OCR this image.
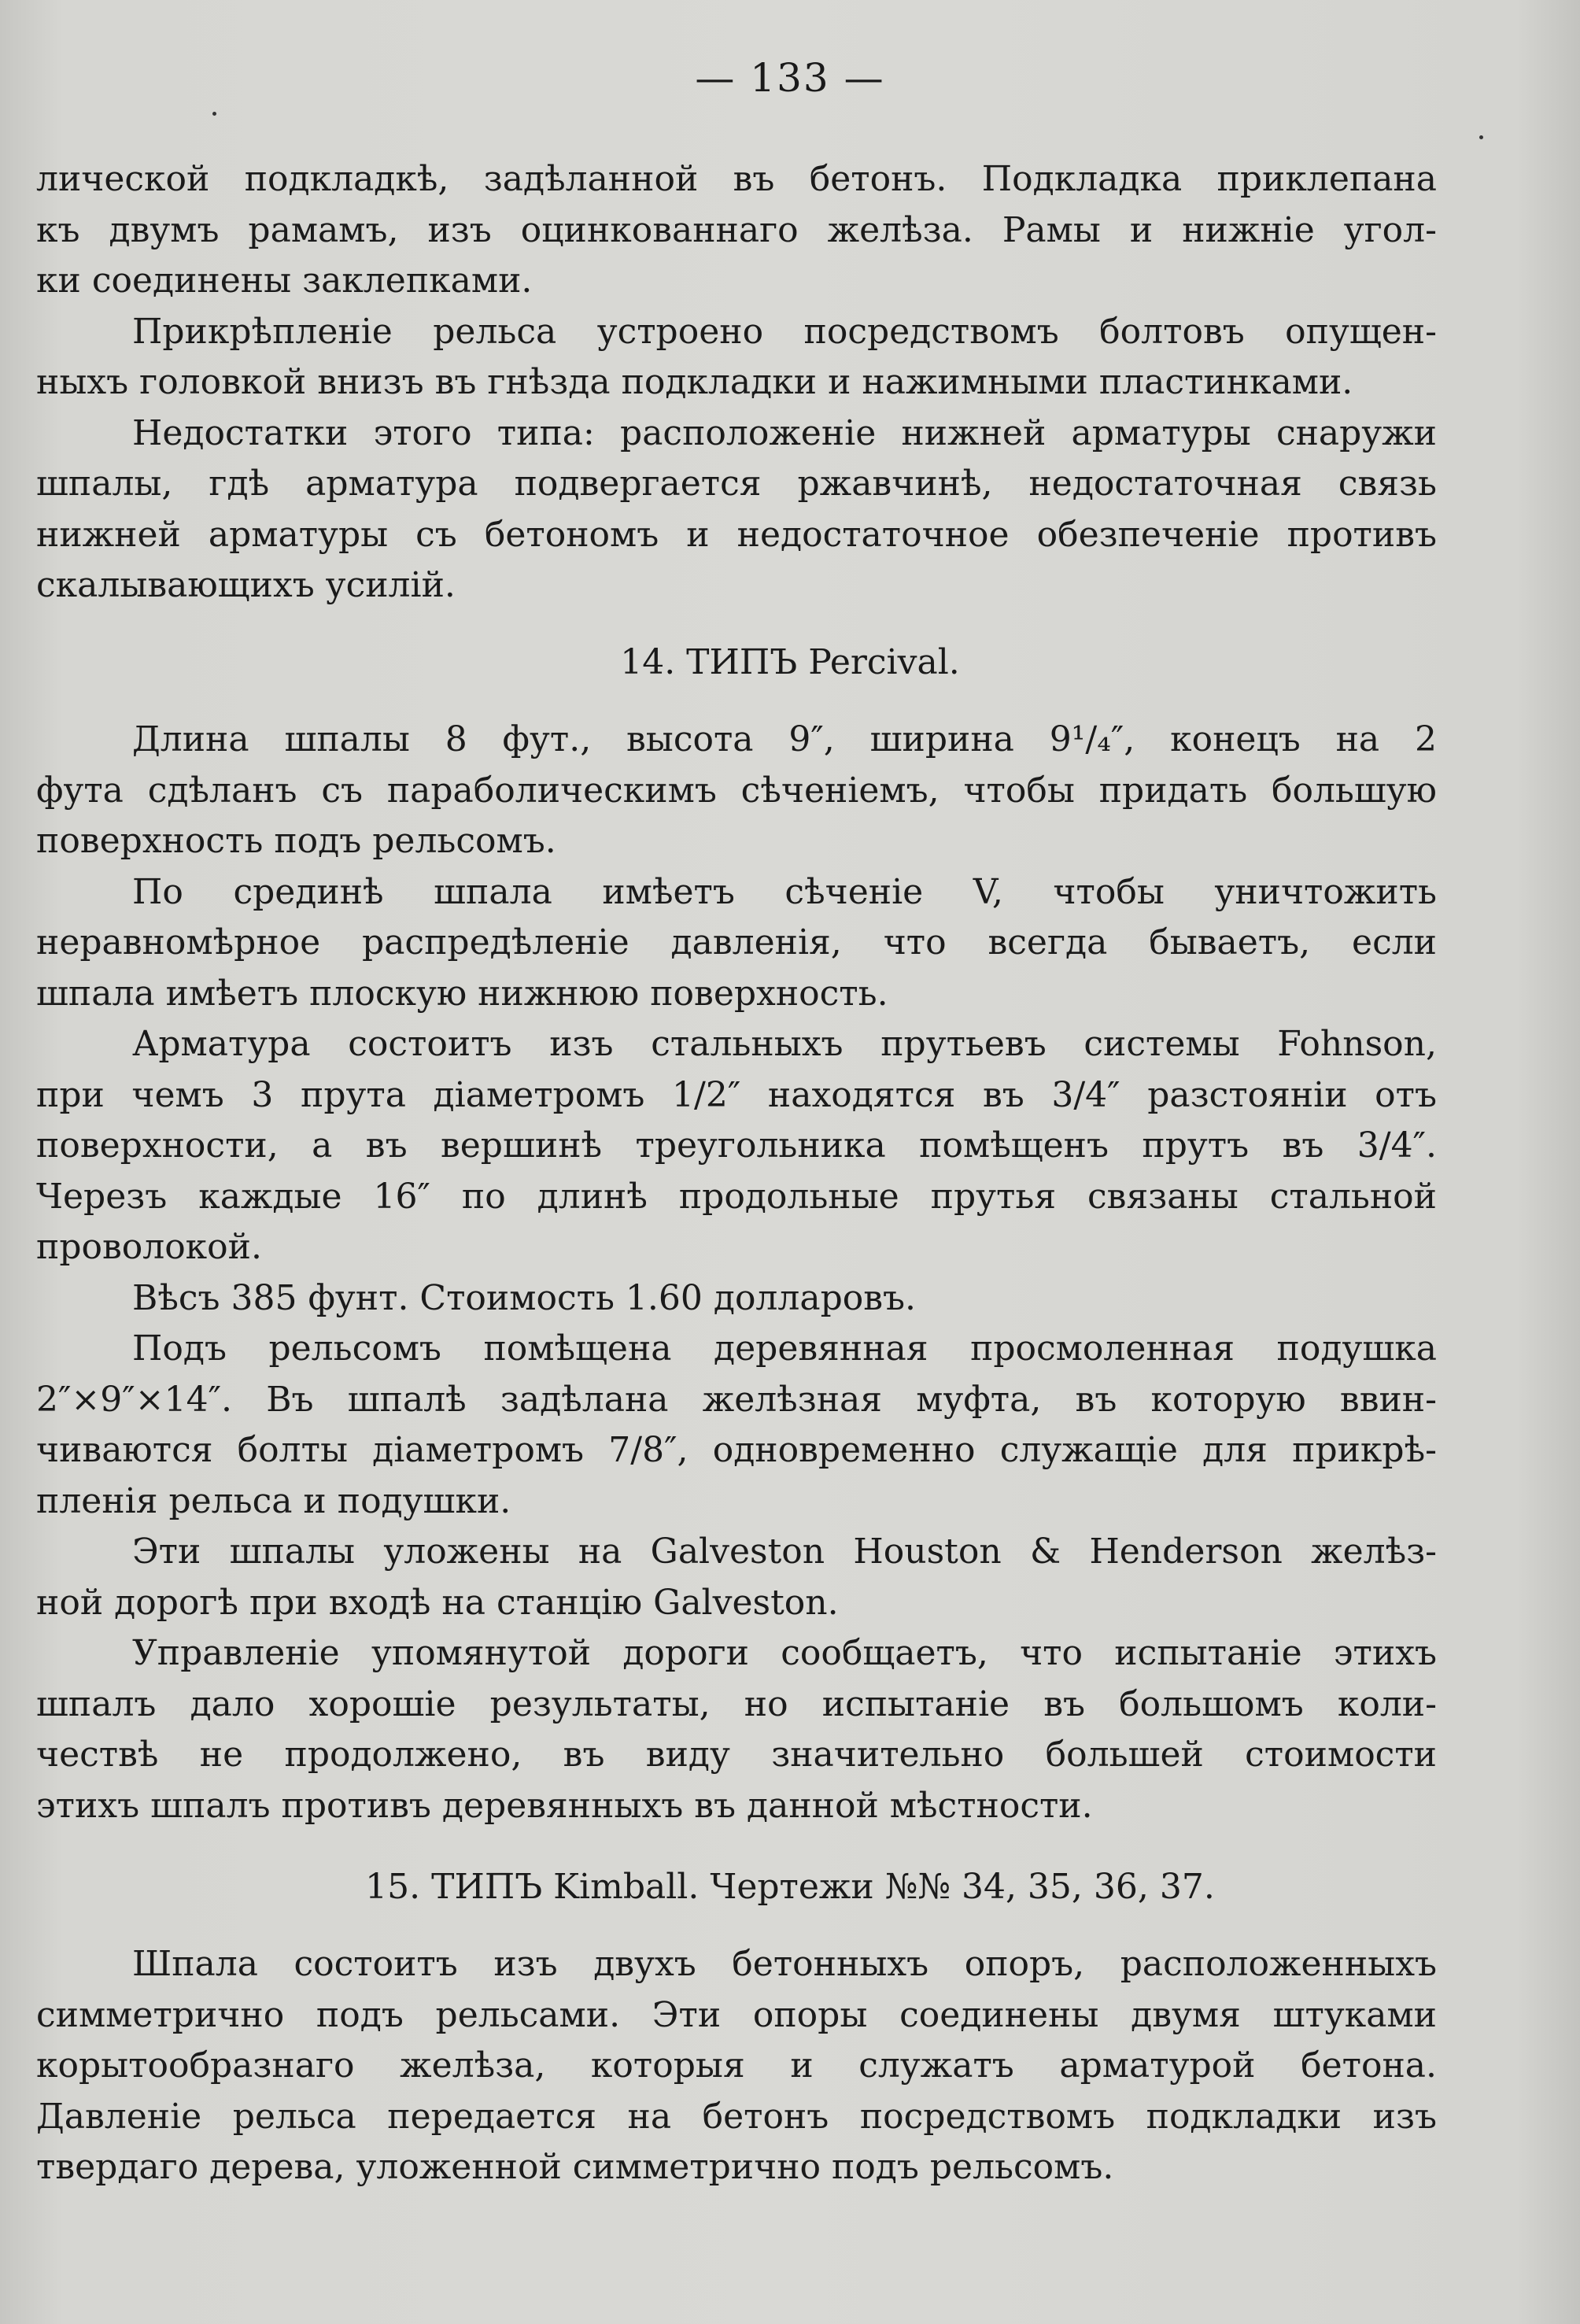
— 133 —
лической подкладкѣ, задѣланной въ бетонъ. Подкладка приклепана
къ двумъ рамамъ, изъ оцинкованнаго желѣза. Рамы и нижніе угол-
ки соединены заклепками.
Прикрѣпленіе рельса устроено посредствомъ болтовъ опущен-
ныхъ головкой внизъ въ гнѣзда подкладки и нажимными пластинками.
Недостатки этого типа: расположеніе нижней арматуры снаружи
шпалы, гдѣ арматура подвергается ржавчинѣ, недостаточная связь
нижней арматуры съ бетономъ и недостаточное обезпеченіе противъ
скалывающихъ усилій.
14. ТИПЪ Percival.
Длина шпалы 8 фут., высота 9″, ширина 9¹/₄″, конецъ на 2
фута сдѣланъ съ параболическимъ сѣченіемъ, чтобы придать большую
поверхность подъ рельсомъ.
По срединѣ шпала имѣетъ сѣченіе V, чтобы уничтожить
неравномѣрное распредѣленіе давленія, что всегда бываетъ, если
шпала имѣетъ плоскую нижнюю поверхность.
Арматура состоитъ изъ стальныхъ прутьевъ системы Fohnson,
при чемъ 3 прута діаметромъ 1/2″ находятся въ 3/4″ разстояніи отъ
поверхности, а въ вершинѣ треугольника помѣщенъ прутъ въ 3/4″.
Черезъ каждые 16″ по длинѣ продольные прутья связаны стальной
проволокой.
Вѣсъ 385 фунт. Стоимость 1.60 долларовъ.
Подъ рельсомъ помѣщена деревянная просмоленная подушка
2″×9″×14″. Въ шпалѣ задѣлана желѣзная муфта, въ которую ввин-
чиваются болты діаметромъ 7/8″, одновременно служащіе для прикрѣ-
пленія рельса и подушки.
Эти шпалы уложены на Galveston Houston & Henderson желѣз-
ной дорогѣ при входѣ на станцію Galveston.
Управленіе упомянутой дороги сообщаетъ, что испытаніе этихъ
шпалъ дало хорошіе результаты, но испытаніе въ большомъ коли-
чествѣ не продолжено, въ виду значительно большей стоимости
этихъ шпалъ противъ деревянныхъ въ данной мѣстности.
15. ТИПЪ Kimball. Чертежи №№ 34, 35, 36, 37.
Шпала состоитъ изъ двухъ бетонныхъ опоръ, расположенныхъ
симметрично подъ рельсами. Эти опоры соединены двумя штуками
корытообразнаго желѣза, которыя и служатъ арматурой бетона.
Давленіе рельса передается на бетонъ посредствомъ подкладки изъ
твердаго дерева, уложенной симметрично подъ рельсомъ.
